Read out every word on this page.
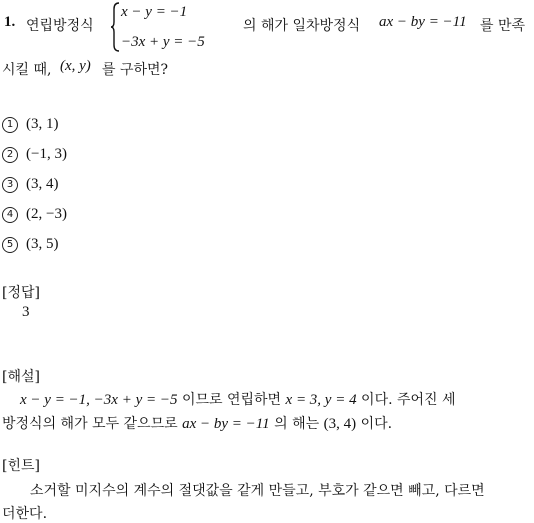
1. 연립방정식
x − y = −1
−3x + y = −5
의 해가 일차방정식 ax − by = −11 를 만족
시킬 때, (x, y) 를 구하면?
1 (3, 1)
2 (−1, 3)
3 (3, 4)
4 (2, −3)
5 (3, 5)
[정답]
3
[해설]
x − y = −1, −3x + y = −5 이므로 연립하면 x = 3, y = 4 이다. 주어진 세
방정식의 해가 모두 같으므로 ax − by = −11 의 해는 (3, 4) 이다.
[힌트]
소거할 미지수의 계수의 절댓값을 같게 만들고, 부호가 같으면 빼고, 다르면
더한다.
